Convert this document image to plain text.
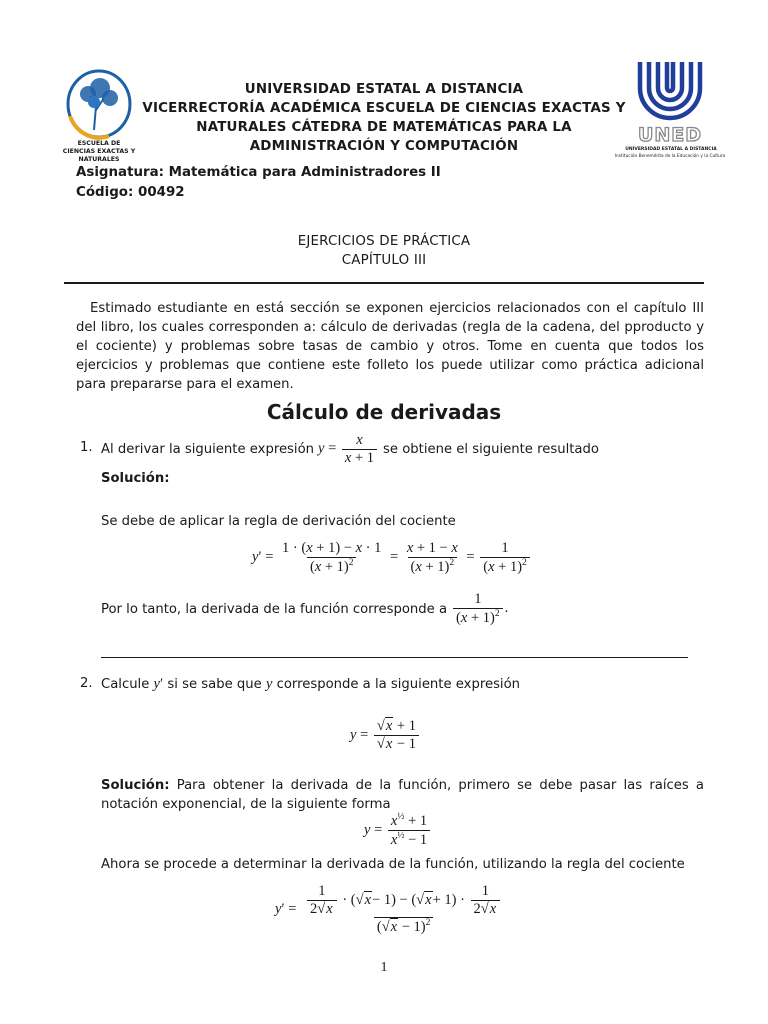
ESCUELA DE CIENCIAS EXACTAS Y NATURALES
UNED
UNIVERSIDAD ESTATAL A DISTANCIA
Institución Benemérita de la Educación y la Cultura
UNIVERSIDAD ESTATAL A DISTANCIA
VICERRECTORÍA ACADÉMICA ESCUELA DE CIENCIAS EXACTAS Y
NATURALES CÁTEDRA DE MATEMÁTICAS PARA LA
ADMINISTRACIÓN Y COMPUTACIÓN
Asignatura: Matemática para Administradores II
Código: 00492
EJERCICIOS DE PRÁCTICA
CAPÍTULO III

Estimado estudiante en está sección se exponen ejercicios relacionados con el capítulo III del libro, los cuales corresponden a: cálculo de derivadas (regla de la cadena, del pproducto y el cociente) y problemas sobre tasas de cambio y otros. Tome en cuenta que todos los ejercicios y problemas que contiene este folleto los puede utilizar como práctica adicional para prepararse para el examen.

Cálculo de derivadas
1. Al derivar la siguiente expresión $y = \frac{x}{x + 1}$ se obtiene el siguiente resultado
Solución:
Se debe de aplicar la regla de derivación del cociente
y ′ = $\frac{1 \cdot (x + 1) - x \cdot 1}{(x + 1)^2} = \frac{x + 1 - x}{(x + 1)^2} = \frac{1}{(x + 1)^2}$
Por lo tanto, la derivada de la función corresponde a $\frac{1}{(x + 1)^2}$ .
2. Calcule y′ si se sabe que y corresponde a la siguiente expresión
$y = \frac{√x + 1}{√x - 1}$
Solución: Para obtener la derivada de la función, primero se debe pasar las raíces a notación exponencial, de la siguiente forma
$y = \frac{x^{\frac{1}{2}} + 1}{x^{\frac{1}{2}} - 1}$
Ahora se procede a determinar la derivada de la función, utilizando la regla del cociente
y ′ = $\frac{\frac{1}{2√x} \cdot (√ x - 1) - (√ x + 1) \cdot \frac{1}{2√x}}{(√x - 1)^2}$
1
